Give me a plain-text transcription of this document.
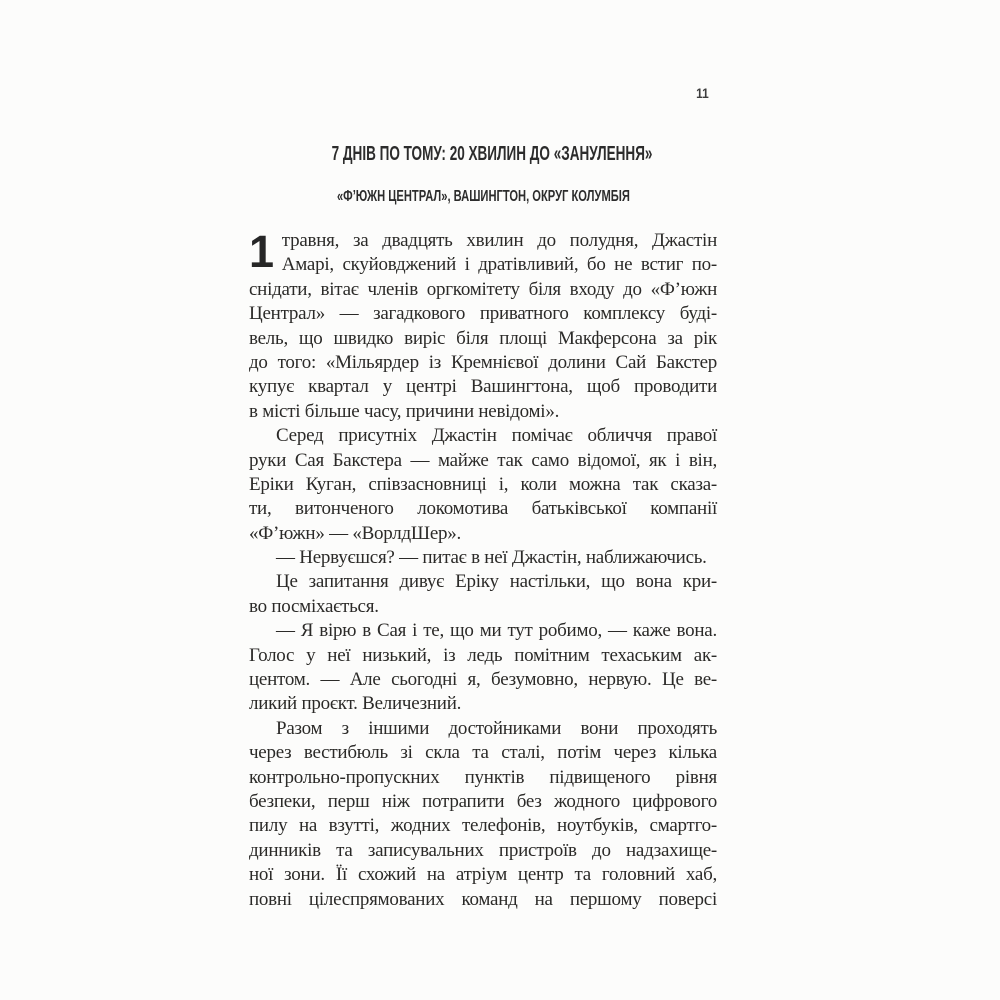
11
7 ДНІВ ПО ТОМУ: 20 ХВИЛИН ДО «ЗАНУЛЕННЯ»
«Ф’ЮЖН ЦЕНТРАЛ», ВАШИНГТОН, ОКРУГ КОЛУМБІЯ
1 травня, за двадцять хвилин до полудня, Джастін
Амарі, скуйовджений і дратівливий, бо не встиг по-
снідати, вітає членів оргкомітету біля входу до «Ф’южн
Централ» — загадкового приватного комплексу буді-
вель, що швидко виріс біля площі Макферсона за рік
до того: «Мільярдер із Кремнієвої долини Сай Бакстер
купує квартал у центрі Вашингтона, щоб проводити
в місті більше часу, причини невідомі».
Серед присутніх Джастін помічає обличчя правої
руки Сая Бакстера — майже так само відомої, як і він,
Еріки Куган, співзасновниці і, коли можна так сказа-
ти, витонченого локомотива батьківської компанії
«Ф’южн» — «ВорлдШер».
— Нервуєшся? — питає в неї Джастін, наближаючись.
Це запитання дивує Еріку настільки, що вона кри-
во посміхається.
— Я вірю в Сая і те, що ми тут робимо, — каже вона.
Голос у неї низький, із ледь помітним техаським ак-
центом. — Але сьогодні я, безумовно, нервую. Це ве-
ликий проєкт. Величезний.
Разом з іншими достойниками вони проходять
через вестибюль зі скла та сталі, потім через кілька
контрольно-пропускних пунктів підвищеного рівня
безпеки, перш ніж потрапити без жодного цифрового
пилу на взутті, жодних телефонів, ноутбуків, смартго-
динників та записувальних пристроїв до надзахище-
ної зони. Її схожий на атріум центр та головний хаб,
повні цілеспрямованих команд на першому поверсі
